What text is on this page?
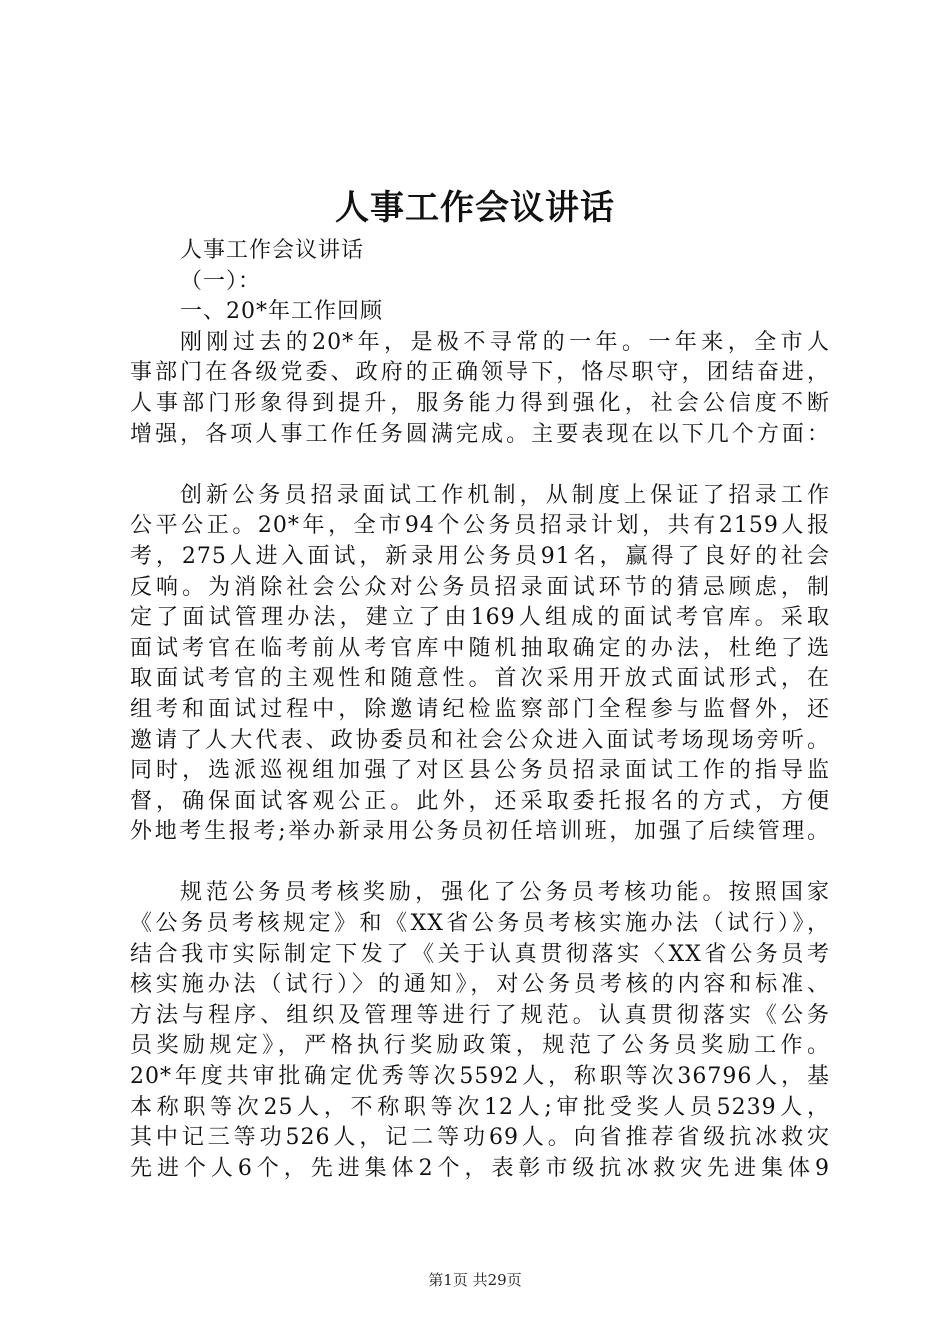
人事工作会议讲话
人事工作会议讲话
（一）：
一、20*年工作回顾
刚刚过去的20*年，是极不寻常的一年。一年来，全市人
事部门在各级党委、政府的正确领导下，恪尽职守，团结奋进，
人事部门形象得到提升，服务能力得到强化，社会公信度不断
增强，各项人事工作任务圆满完成。主要表现在以下几个方面：
创新公务员招录面试工作机制，从制度上保证了招录工作
公平公正。20*年，全市94个公务员招录计划，共有2159人报
考，275人进入面试，新录用公务员91名，赢得了良好的社会
反响。为消除社会公众对公务员招录面试环节的猜忌顾虑，制
定了面试管理办法，建立了由169人组成的面试考官库。采取
面试考官在临考前从考官库中随机抽取确定的办法，杜绝了选
取面试考官的主观性和随意性。首次采用开放式面试形式，在
组考和面试过程中，除邀请纪检监察部门全程参与监督外，还
邀请了人大代表、政协委员和社会公众进入面试考场现场旁听。
同时，选派巡视组加强了对区县公务员招录面试工作的指导监
督，确保面试客观公正。此外，还采取委托报名的方式，方便
外地考生报考;举办新录用公务员初任培训班，加强了后续管理。
规范公务员考核奖励，强化了公务员考核功能。按照国家
《公务员考核规定》和《XX省公务员考核实施办法（试行）》，
结合我市实际制定下发了《关于认真贯彻落实〈XX省公务员考
核实施办法（试行）〉的通知》，对公务员考核的内容和标准、
方法与程序、组织及管理等进行了规范。认真贯彻落实《公务
员奖励规定》，严格执行奖励政策，规范了公务员奖励工作。
20*年度共审批确定优秀等次5592人，称职等次36796人，基
本称职等次25人，不称职等次12人;审批受奖人员5239人，
其中记三等功526人，记二等功69人。向省推荐省级抗冰救灾
先进个人6个，先进集体2个，表彰市级抗冰救灾先进集体9
第1页 共29页
